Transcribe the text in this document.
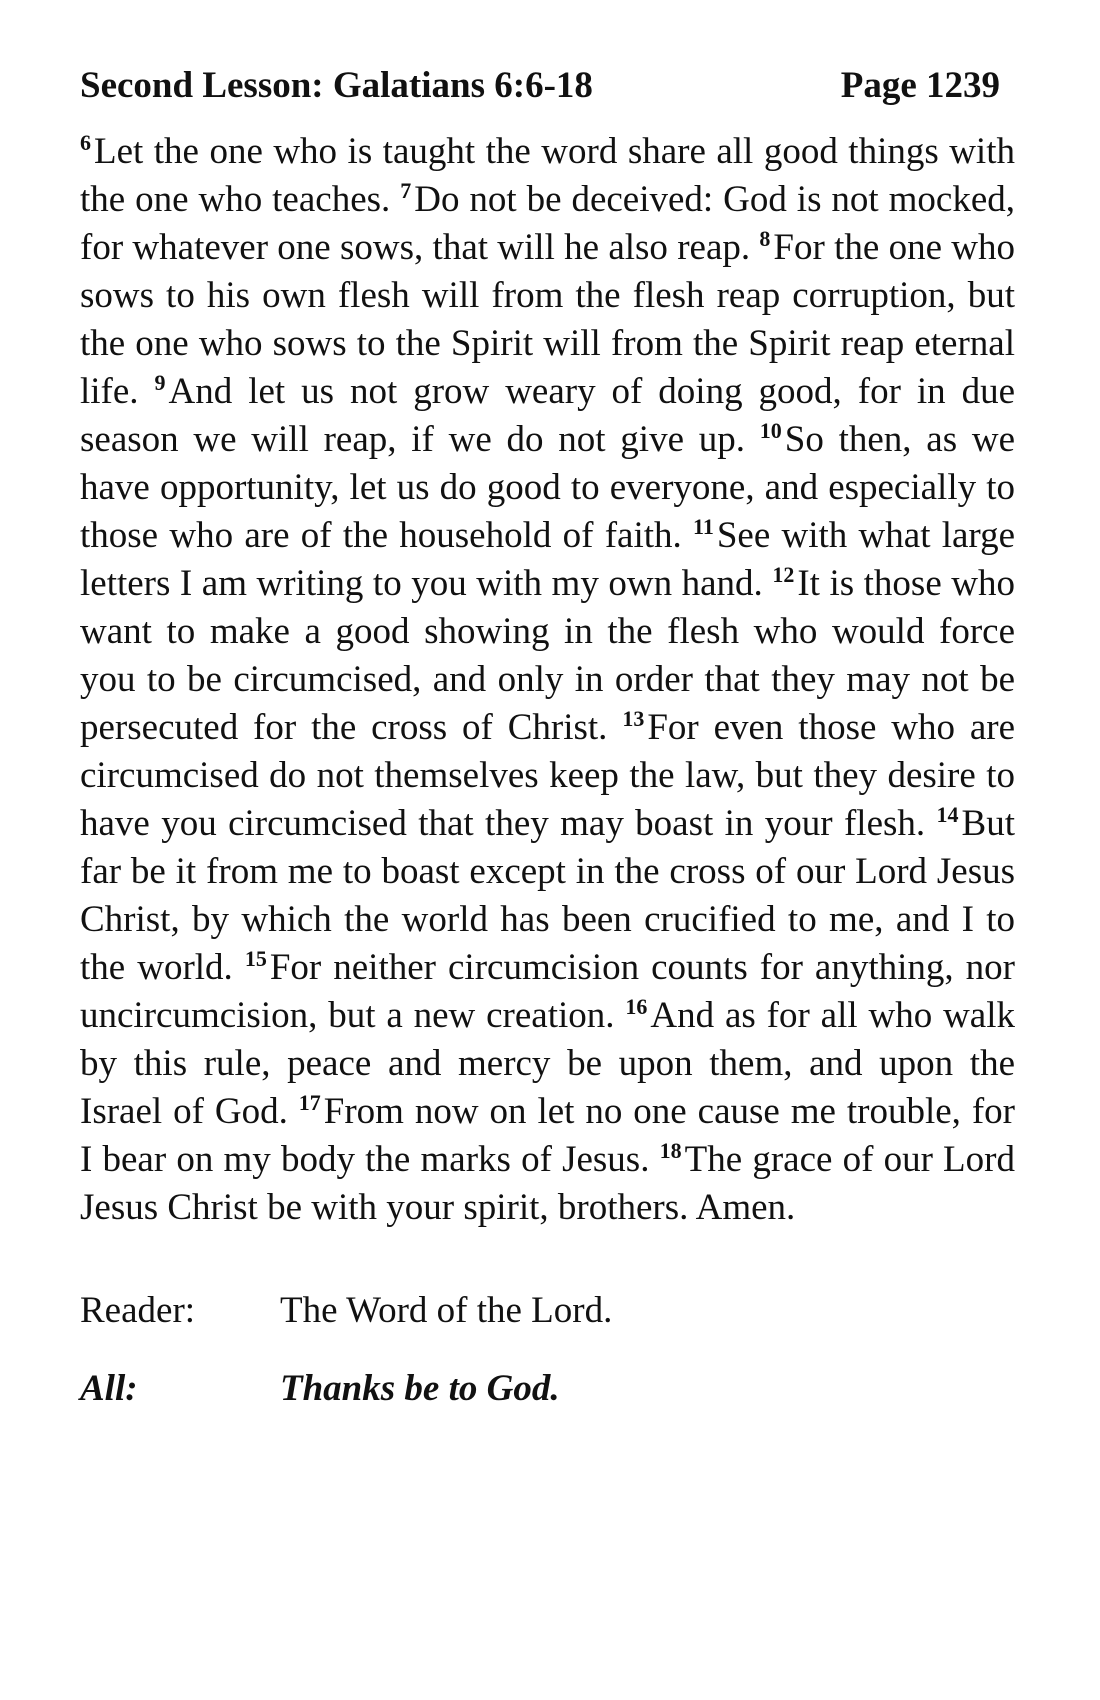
Second Lesson: Galatians 6:6-18	Page 1239
$^6$Let the one who is taught the word share all good things with the one who teaches. $^7$Do not be deceived: God is not mocked, for whatever one sows, that will he also reap. $^8$For the one who sows to his own flesh will from the flesh reap corruption, but the one who sows to the Spirit will from the Spirit reap eternal life. $^9$And let us not grow weary of doing good, for in due season we will reap, if we do not give up. $^{10}$So then, as we have opportunity, let us do good to everyone, and especially to those who are of the household of faith. $^{11}$See with what large letters I am writing to you with my own hand. $^{12}$It is those who want to make a good showing in the flesh who would force you to be circumcised, and only in order that they may not be persecuted for the cross of Christ. $^{13}$For even those who are circumcised do not themselves keep the law, but they desire to have you circumcised that they may boast in your flesh. $^{14}$But far be it from me to boast except in the cross of our Lord Jesus Christ, by which the world has been crucified to me, and I to the world. $^{15}$For neither circumcision counts for anything, nor uncircumcision, but a new creation. $^{16}$And as for all who walk by this rule, peace and mercy be upon them, and upon the Israel of God. $^{17}$From now on let no one cause me trouble, for I bear on my body the marks of Jesus. $^{18}$The grace of our Lord Jesus Christ be with your spirit, brothers. Amen.
Reader:	The Word of the Lord.
All:	Thanks be to God.
